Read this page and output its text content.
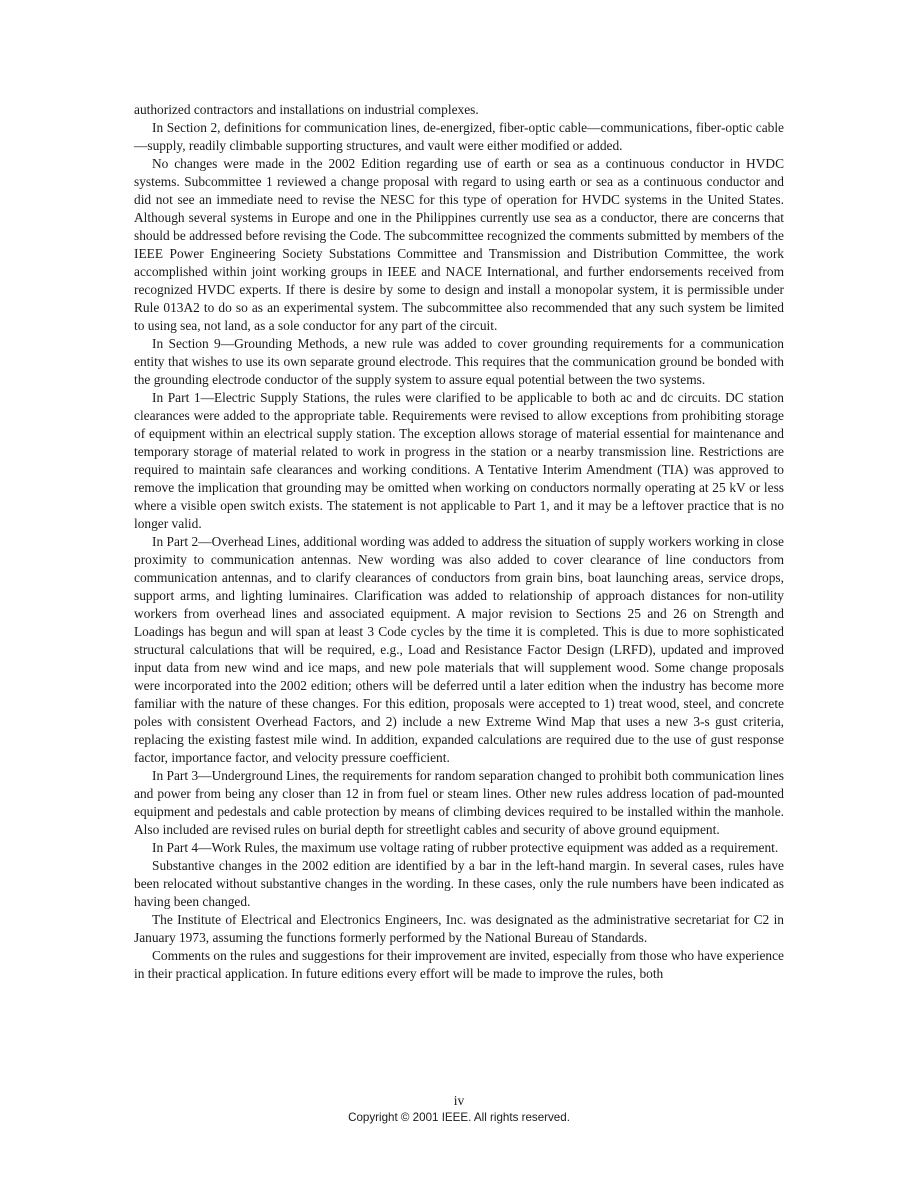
authorized contractors and installations on industrial complexes.

In Section 2, definitions for communication lines, de-energized, fiber-optic cable—communications, fiber-optic cable—supply, readily climbable supporting structures, and vault were either modified or added.

No changes were made in the 2002 Edition regarding use of earth or sea as a continuous conductor in HVDC systems. Subcommittee 1 reviewed a change proposal with regard to using earth or sea as a continuous conductor and did not see an immediate need to revise the NESC for this type of operation for HVDC systems in the United States. Although several systems in Europe and one in the Philippines currently use sea as a conductor, there are concerns that should be addressed before revising the Code. The subcommittee recognized the comments submitted by members of the IEEE Power Engineering Society Substations Committee and Transmission and Distribution Committee, the work accomplished within joint working groups in IEEE and NACE International, and further endorsements received from recognized HVDC experts. If there is desire by some to design and install a monopolar system, it is permissible under Rule 013A2 to do so as an experimental system. The subcommittee also recommended that any such system be limited to using sea, not land, as a sole conductor for any part of the circuit.

In Section 9—Grounding Methods, a new rule was added to cover grounding requirements for a communication entity that wishes to use its own separate ground electrode. This requires that the communication ground be bonded with the grounding electrode conductor of the supply system to assure equal potential between the two systems.

In Part 1—Electric Supply Stations, the rules were clarified to be applicable to both ac and dc circuits. DC station clearances were added to the appropriate table. Requirements were revised to allow exceptions from prohibiting storage of equipment within an electrical supply station. The exception allows storage of material essential for maintenance and temporary storage of material related to work in progress in the station or a nearby transmission line. Restrictions are required to maintain safe clearances and working conditions. A Tentative Interim Amendment (TIA) was approved to remove the implication that grounding may be omitted when working on conductors normally operating at 25 kV or less where a visible open switch exists. The statement is not applicable to Part 1, and it may be a leftover practice that is no longer valid.

In Part 2—Overhead Lines, additional wording was added to address the situation of supply workers working in close proximity to communication antennas. New wording was also added to cover clearance of line conductors from communication antennas, and to clarify clearances of conductors from grain bins, boat launching areas, service drops, support arms, and lighting luminaires. Clarification was added to relationship of approach distances for non-utility workers from overhead lines and associated equipment. A major revision to Sections 25 and 26 on Strength and Loadings has begun and will span at least 3 Code cycles by the time it is completed. This is due to more sophisticated structural calculations that will be required, e.g., Load and Resistance Factor Design (LRFD), updated and improved input data from new wind and ice maps, and new pole materials that will supplement wood. Some change proposals were incorporated into the 2002 edition; others will be deferred until a later edition when the industry has become more familiar with the nature of these changes. For this edition, proposals were accepted to 1) treat wood, steel, and concrete poles with consistent Overhead Factors, and 2) include a new Extreme Wind Map that uses a new 3-s gust criteria, replacing the existing fastest mile wind. In addition, expanded calculations are required due to the use of gust response factor, importance factor, and velocity pressure coefficient.

In Part 3—Underground Lines, the requirements for random separation changed to prohibit both communication lines and power from being any closer than 12 in from fuel or steam lines. Other new rules address location of pad-mounted equipment and pedestals and cable protection by means of climbing devices required to be installed within the manhole. Also included are revised rules on burial depth for streetlight cables and security of above ground equipment.

In Part 4—Work Rules, the maximum use voltage rating of rubber protective equipment was added as a requirement.

Substantive changes in the 2002 edition are identified by a bar in the left-hand margin. In several cases, rules have been relocated without substantive changes in the wording. In these cases, only the rule numbers have been indicated as having been changed.

The Institute of Electrical and Electronics Engineers, Inc. was designated as the administrative secretariat for C2 in January 1973, assuming the functions formerly performed by the National Bureau of Standards.

Comments on the rules and suggestions for their improvement are invited, especially from those who have experience in their practical application. In future editions every effort will be made to improve the rules, both

iv
Copyright © 2001 IEEE. All rights reserved.
